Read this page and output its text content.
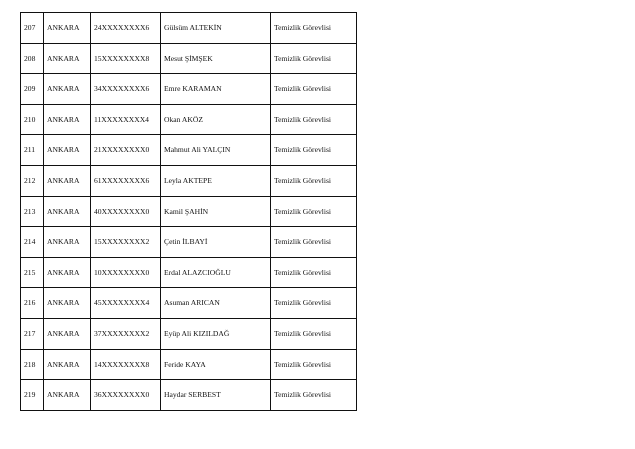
207	ANKARA	24XXXXXXXX6	Gülsüm ALTEKİN	Temizlik Görevlisi
208	ANKARA	15XXXXXXXX8	Mesut ŞİMŞEK	Temizlik Görevlisi
209	ANKARA	34XXXXXXXX6	Emre KARAMAN	Temizlik Görevlisi
210	ANKARA	11XXXXXXXX4	Okan AKÖZ	Temizlik Görevlisi
211	ANKARA	21XXXXXXXX0	Mahmut Ali YALÇIN	Temizlik Görevlisi
212	ANKARA	61XXXXXXXX6	Leyla AKTEPE	Temizlik Görevlisi
213	ANKARA	40XXXXXXXX0	Kamil ŞAHİN	Temizlik Görevlisi
214	ANKARA	15XXXXXXXX2	Çetin İLBAYİ	Temizlik Görevlisi
215	ANKARA	10XXXXXXXX0	Erdal ALAZCIOĞLU	Temizlik Görevlisi
216	ANKARA	45XXXXXXXX4	Asuman ARICAN	Temizlik Görevlisi
217	ANKARA	37XXXXXXXX2	Eyüp Ali KIZILDAĞ	Temizlik Görevlisi
218	ANKARA	14XXXXXXXX8	Feride KAYA	Temizlik Görevlisi
219	ANKARA	36XXXXXXXX0	Haydar SERBEST	Temizlik Görevlisi
